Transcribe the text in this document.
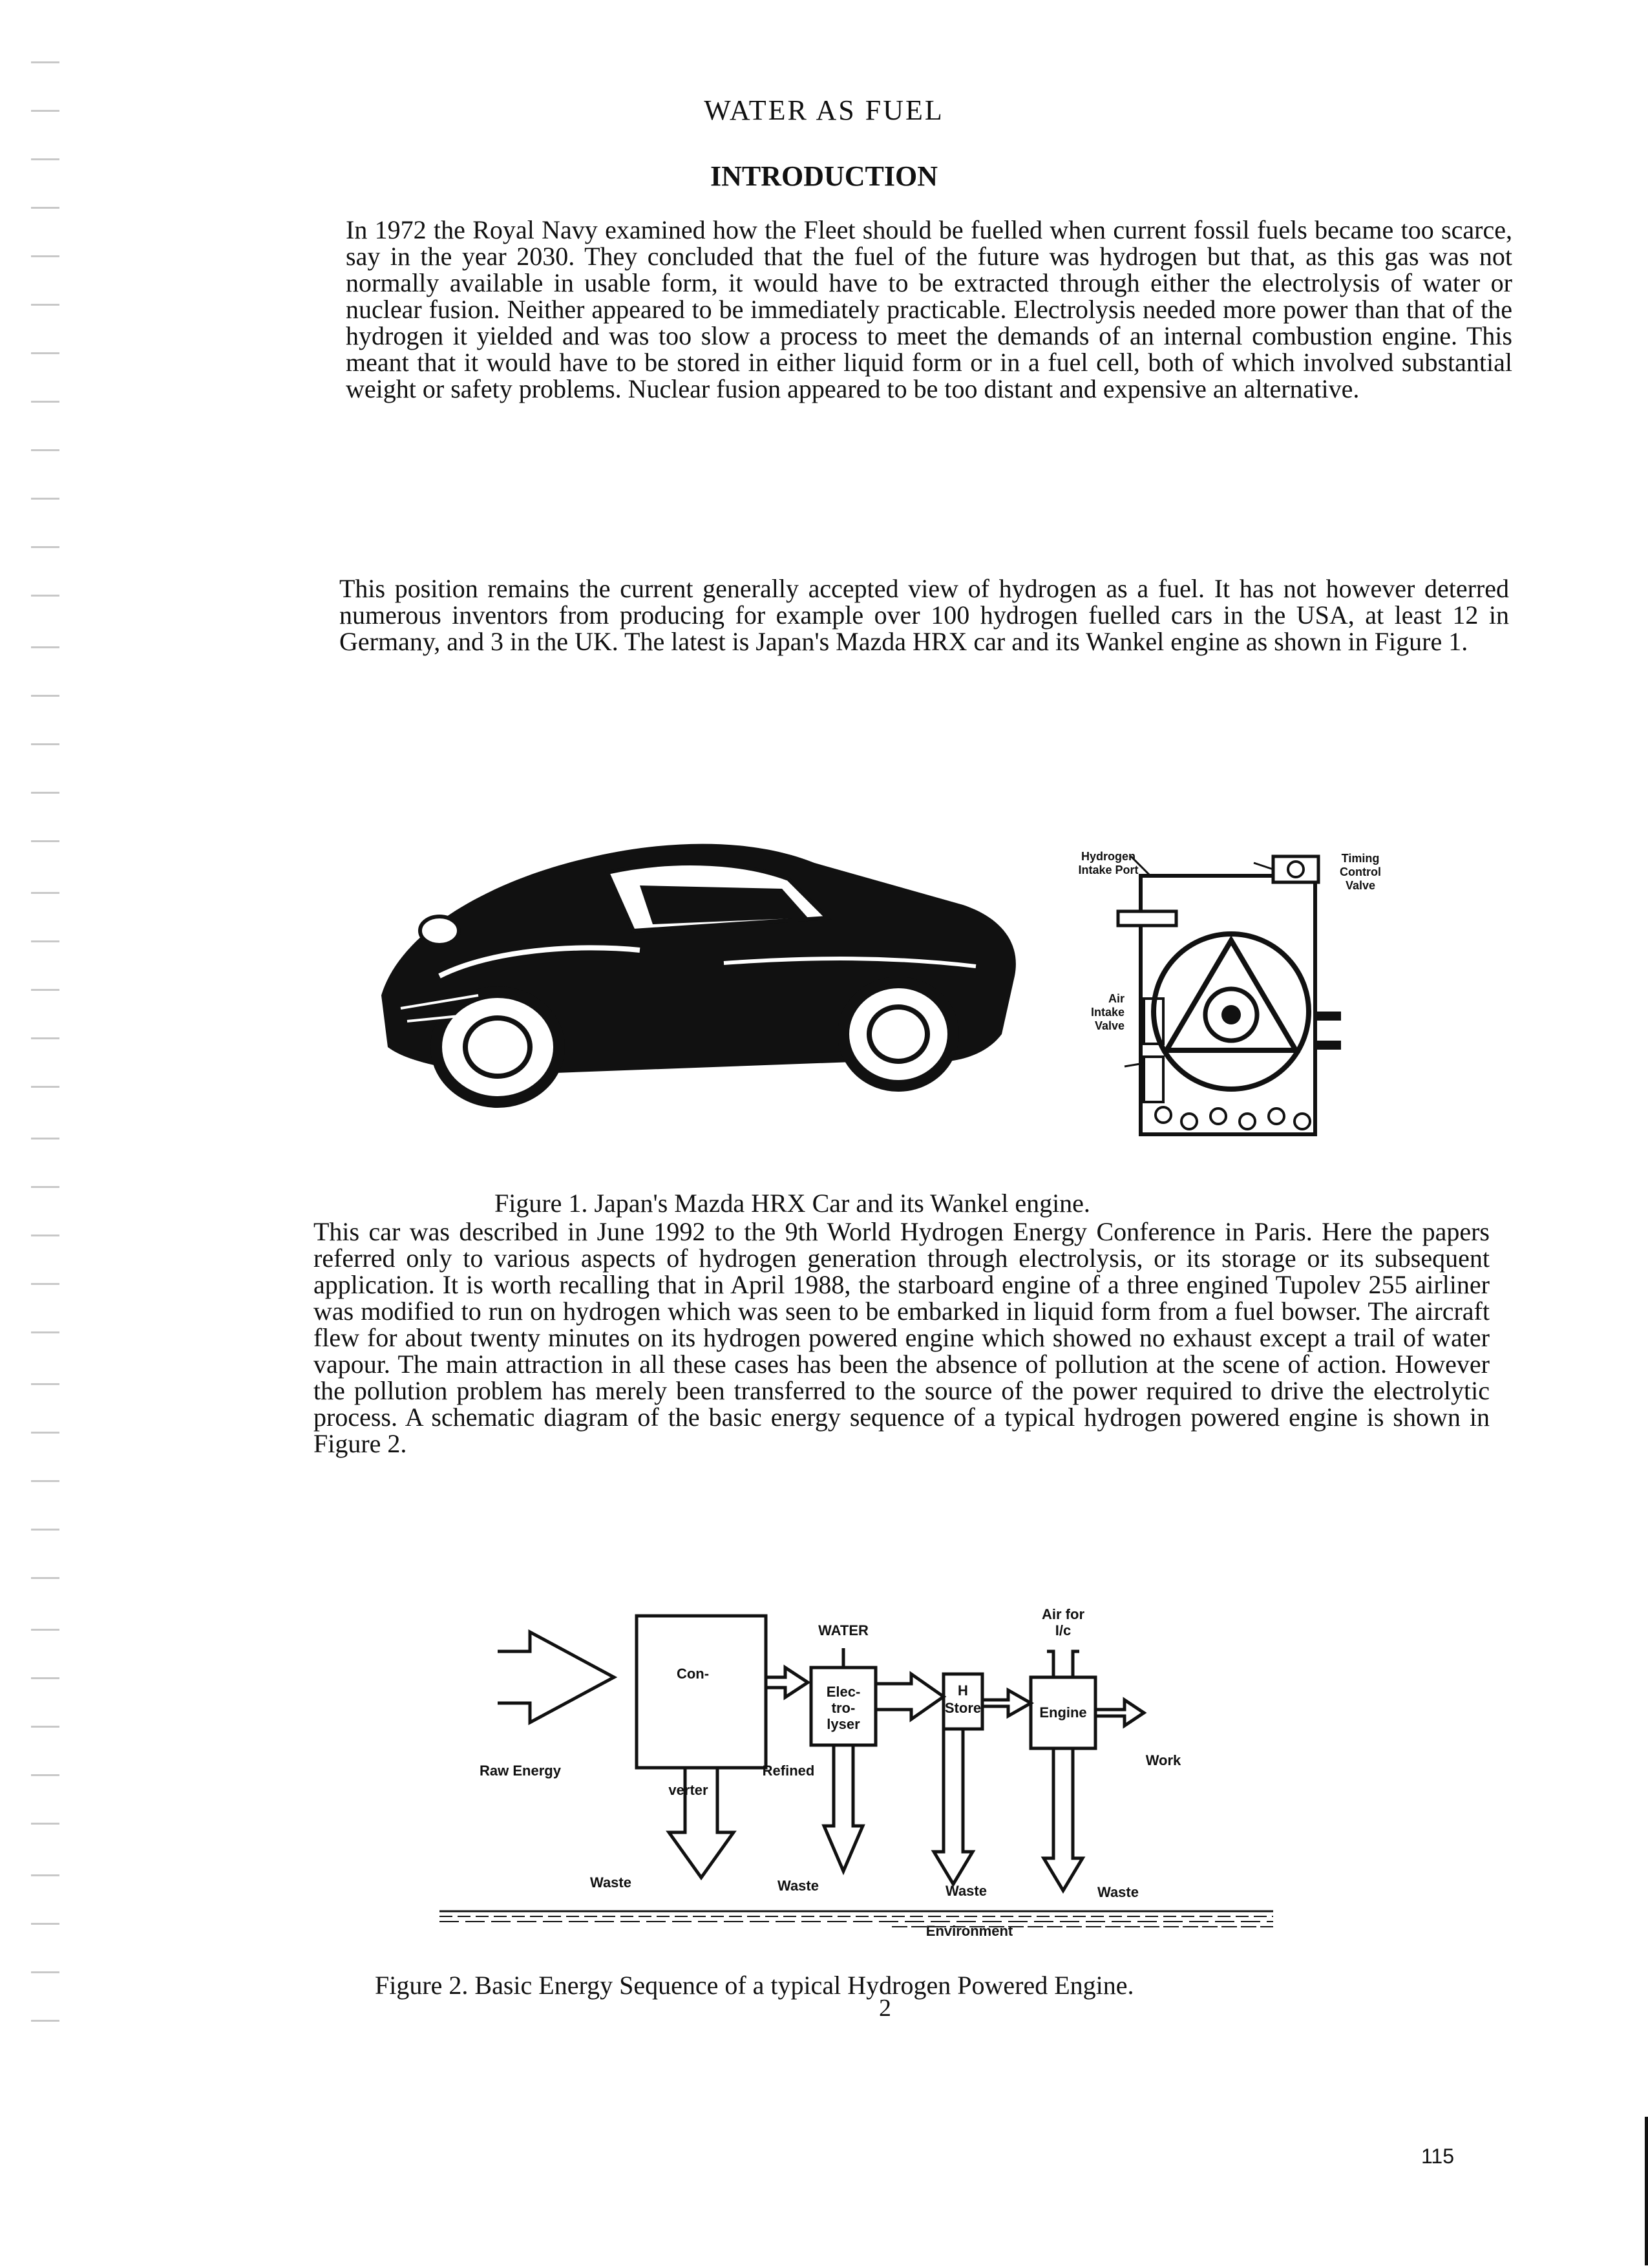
WATER AS FUEL
INTRODUCTION

In 1972 the Royal Navy examined how the Fleet should be fuelled when current fossil fuels became too scarce, say in the year 2030. They concluded that the fuel of the future was hydrogen but that, as this gas was not normally available in usable form, it would have to be extracted through either the electrolysis of water or nuclear fusion. Neither appeared to be immediately practicable. Electrolysis needed more power than that of the hydrogen it yielded and was too slow a process to meet the demands of an internal combustion engine. This meant that it would have to be stored in either liquid form or in a fuel cell, both of which involved substantial weight or safety problems. Nuclear fusion appeared to be too distant and expensive an alternative.

This position remains the current generally accepted view of hydrogen as a fuel. It has not however deterred numerous inventors from producing for example over 100 hydrogen fuelled cars in the USA, at least 12 in Germany, and 3 in the UK. The latest is Japan's Mazda HRX car and its Wankel engine as shown in Figure 1.

Hydrogen
Intake Port
Timing
Control
Valve
Air
Intake
Valve
Figure 1. Japan's Mazda HRX Car and its Wankel engine.

This car was described in June 1992 to the 9th World Hydrogen Energy Conference in Paris. Here the papers referred only to various aspects of hydrogen generation through electrolysis, or its storage or its subsequent application. It is worth recalling that in April 1988, the starboard engine of a three engined Tupolev 255 airliner was modified to run on hydrogen which was seen to be embarked in liquid form from a fuel bowser. The aircraft flew for about twenty minutes on its hydrogen powered engine which showed no exhaust except a trail of water vapour. The main attraction in all these cases has been the absence of pollution at the scene of action. However the pollution problem has merely been transferred to the source of the power required to drive the electrolytic process. A schematic diagram of the basic energy sequence of a typical hydrogen powered engine is shown in Figure 2.

Raw Energy
Con-
verter
Refined
WATER
Elec-
tro-
lyser
H
Store
Air for
I/c
Engine
Work
Waste	Waste	Waste	Waste
Environment
Figure 2. Basic Energy Sequence of a typical Hydrogen Powered Engine.
2
115
